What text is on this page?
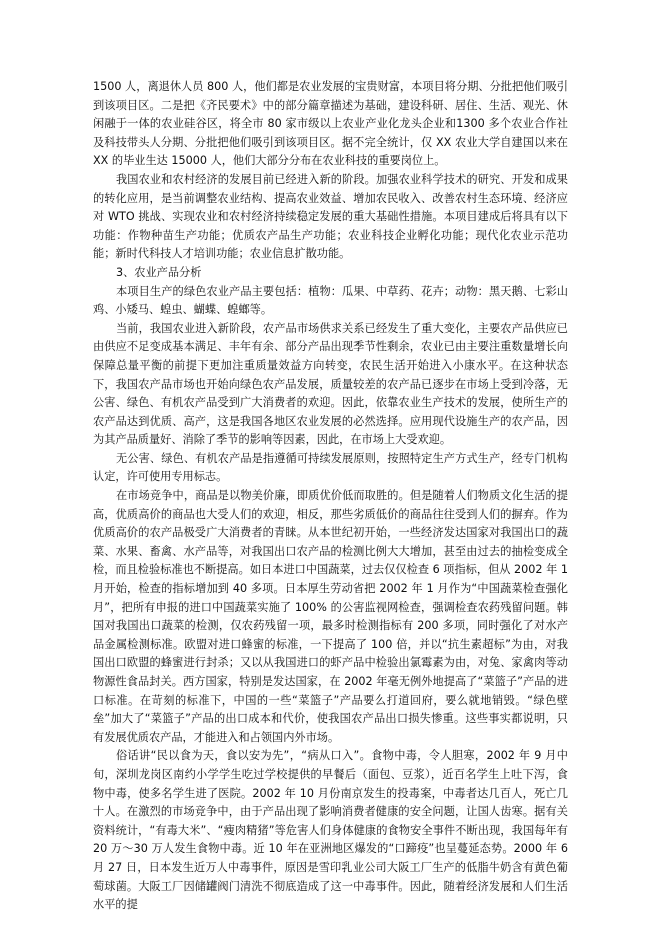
1500 人，离退休人员 800 人，他们都是农业发展的宝贵财富，本项目将分期、分批把他们吸引到该项目区。二是把《齐民要术》中的部分篇章描述为基础，建设科研、居住、生活、观光、休闲融于一体的农业硅谷区，将全市 80 家市级以上农业产业化龙头企业和1300 多个农业合作社及科技带头人分期、分批把他们吸引到该项目区。据不完全统计，仅 XX 农业大学自建国以来在 XX 的毕业生达 15000 人，他们大部分分布在农业科技的重要岗位上。

我国农业和农村经济的发展目前已经进入新的阶段。加强农业科学技术的研究、开发和成果的转化应用，是当前调整农业结构、提高农业效益、增加农民收入、改善农村生态环境、经济应对 WTO 挑战、实现农业和农村经济持续稳定发展的重大基础性措施。本项目建成后将具有以下功能：作物种苗生产功能；优质农产品生产功能；农业科技企业孵化功能；现代化农业示范功能；新时代科技人才培训功能；农业信息扩散功能。

3、农业产品分析

本项目生产的绿色农业产品主要包括：植物：瓜果、中草药、花卉；动物：黑天鹅、七彩山鸡、小矮马、蝗虫、蝴蝶、蝗螂等。

当前，我国农业进入新阶段，农产品市场供求关系已经发生了重大变化，主要农产品供应已由供应不足变成基本满足、丰年有余、部分产品出现季节性剩余，农业已由主要注重数量增长向保障总量平衡的前提下更加注重质量效益方向转变，农民生活开始进入小康水平。在这种状态下，我国农产品市场也开始向绿色农产品发展，质量较差的农产品已逐步在市场上受到冷落，无公害、绿色、有机农产品受到广大消费者的欢迎。因此，依靠农业生产技术的发展，使所生产的农产品达到优质、高产，这是我国各地区农业发展的必然选择。应用现代设施生产的农产品，因为其产品质量好、消除了季节的影响等因素，因此，在市场上大受欢迎。

无公害、绿色、有机农产品是指遵循可持续发展原则，按照特定生产方式生产，经专门机构认定，许可使用专用标志。

在市场竞争中，商品是以物美价廉，即质优价低而取胜的。但是随着人们物质文化生活的提高，优质高价的商品也大受人们的欢迎，相反，那些劣质低价的商品往往受到人们的摒弃。作为优质高价的农产品极受广大消费者的青睐。从本世纪初开始，一些经济发达国家对我国出口的蔬菜、水果、畜禽、水产品等，对我国出口农产品的检测比例大大增加，甚至由过去的抽检变成全检，而且检验标准也不断提高。如日本进口中国蔬菜，过去仅仅检查 6 项指标，但从 2002 年 1 月开始，检查的指标增加到 40 多项。日本厚生劳动省把 2002 年 1 月作为“中国蔬菜检查强化月”，把所有申报的进口中国蔬菜实施了 100% 的公害监视网检查，强调检查农药残留问题。韩国对我国出口蔬菜的检测，仅农药残留一项，最多时检测指标有 200 多项，同时强化了对水产品金属检测标准。欧盟对进口蜂蜜的标准，一下提高了 100 倍，并以“抗生素超标”为由，对我国出口欧盟的蜂蜜进行封杀；又以从我国进口的虾产品中检验出氯霉素为由，对兔、家禽肉等动物源性食品封关。西方国家，特别是发达国家，在 2002 年毫无例外地提高了“菜篮子”产品的进口标准。在苛刻的标准下，中国的一些“菜篮子”产品要么打道回府，要么就地销毁。“绿色壁垒”加大了“菜篮子”产品的出口成本和代价，使我国农产品出口损失惨重。这些事实都说明，只有发展优质农产品，才能进入和占领国内外市场。

俗话讲“民以食为天，食以安为先”，“病从口入”。食物中毒，令人胆寒，2002 年 9 月中旬，深圳龙岗区南约小学学生吃过学校提供的早餐后（面包、豆浆），近百名学生上吐下泻，食物中毒，使多名学生进了医院。2002 年 10 月份南京发生的投毒案，中毒者达几百人，死亡几十人。在激烈的市场竞争中，由于产品出现了影响消费者健康的安全问题，让国人齿寒。据有关资料统计，“有毒大米”、“瘦肉精猪”等危害人们身体健康的食物安全事件不断出现，我国每年有 20 万～30 万人发生食物中毒。近 10 年在亚洲地区爆发的“口蹄疫”也呈蔓延态势。2000 年 6 月 27 日，日本发生近万人中毒事件，原因是雪印乳业公司大阪工厂生产的低脂牛奶含有黄色葡萄球菌。大阪工厂因储罐阀门清洗不彻底造成了这一中毒事件。因此，随着经济发展和人们生活水平的提
